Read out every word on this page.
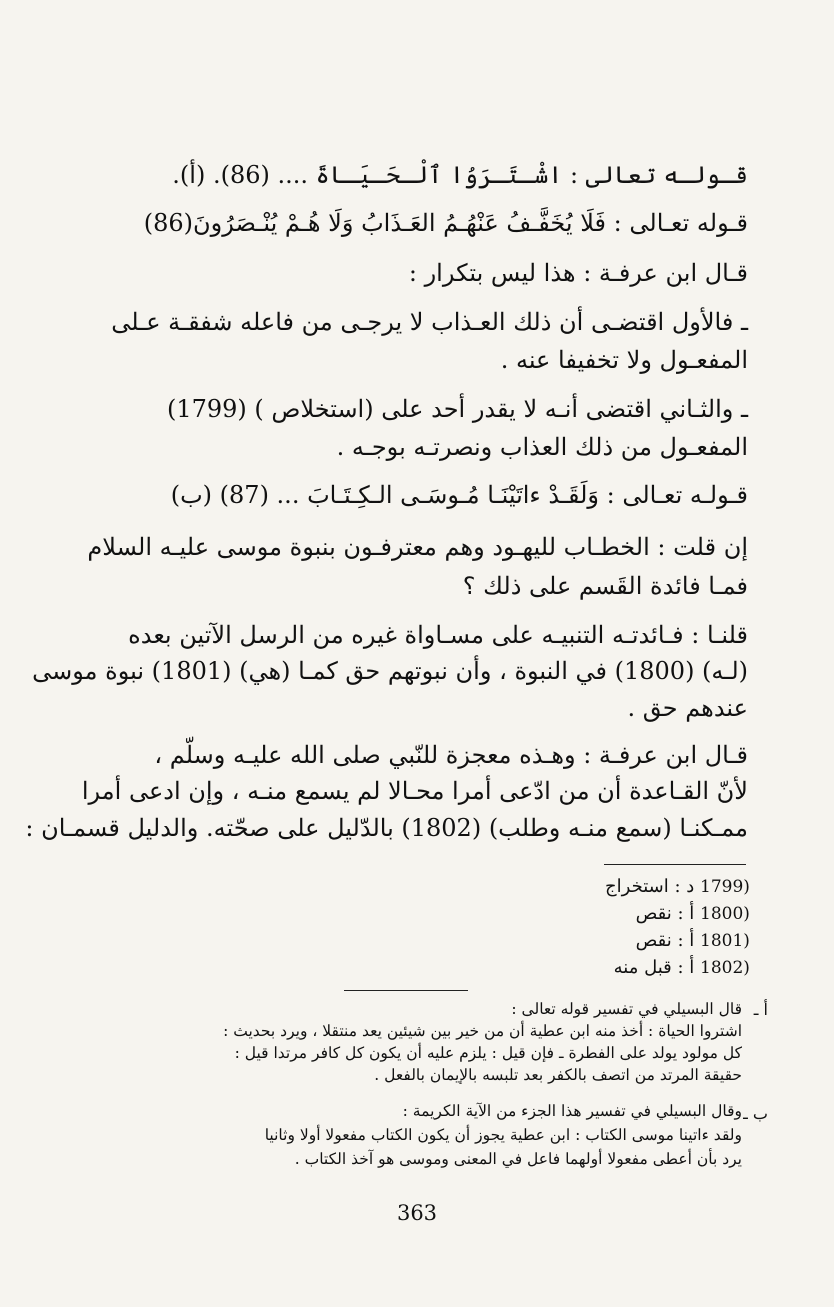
قـولـه تعالى : اشْـتَـرَوُا ٱلْـحَـيَـاةَ .... (86). (أ).
قـوله تعـالى : فَلَا يُخَفَّـفُ عَنْهُـمُ العَـذَابُ وَلَا هُـمْ يُنْـصَرُونَ(86)
قـال ابن عرفـة : هذا ليس بتكرار :
ـ فالأول اقتضـى أن ذلك العـذاب لا يرجـى من فاعله شفقـة عـلى
المفعـول ولا تخفيفا عنه .
ـ والثـاني اقتضى أنـه لا يقدر أحد على (استخلاص ) (1799)
المفعـول من ذلك العذاب ونصرتـه بوجـه .
قـولـه تعـالى : وَلَقَـدْ ءاتَيْنَـا مُـوسَـى الـكِـتَـابَ ... (87) (ب)
إن قلت : الخطـاب لليهـود وهم معترفـون بنبوة موسى عليـه السلام
فمـا فائدة القَسم على ذلك ؟
قلنـا : فـائدتـه التنبيـه على مسـاواة غيره من الرسل الآتين بعده
(لـه) (1800) في النبوة ، وأن نبوتهم حق كمـا (هي) (1801) نبوة موسى
عندهم حق .
قـال ابن عرفـة : وهـذه معجزة للنّبي صلى الله عليـه وسلّم ،
لأنّ القـاعدة أن من ادّعى أمرا محـالا لم يسمع منـه ، وإن ادعى أمرا
ممـكنـا (سمع منـه وطلب) (1802) بالدّليل على صحّته. والدليل قسمـان :
1799) د : استخراج
1800) أ : نقص
1801) أ : نقص
1802) أ : قبل منه
أ ـ
قال البسيلي في تفسير قوله تعالى :
اشتروا الحياة : أخذ منه ابن عطية أن من خير بين شيئين يعد منتقلا ، ويرد بحديث :
كل مولود يولد على الفطرة ـ فإن قيل : يلزم عليه أن يكون كل كافر مرتدا قيل :
حقيقة المرتد من اتصف بالكفر بعد تلبسه بالإيمان بالفعل .
ب ـ
وقال البسيلي في تفسير هذا الجزء من الآية الكريمة :
ولقد ءاتينا موسى الكتاب : ابن عطية يجوز أن يكون الكتاب مفعولا أولا وثانيا
يرد بأن أعطى مفعولا أولهما فاعل في المعنى وموسى هو آخذ الكتاب .
363
